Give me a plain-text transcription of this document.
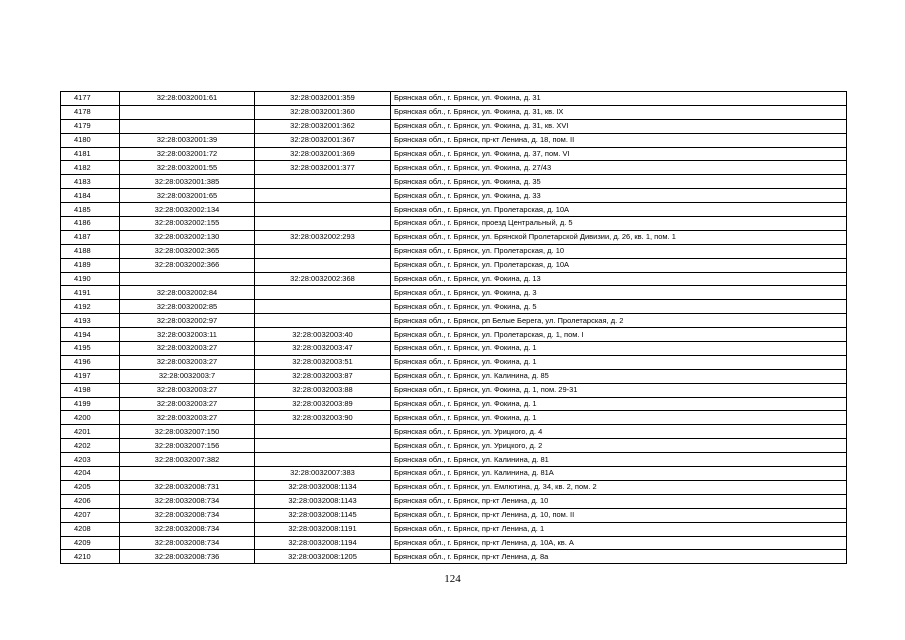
4177	32:28:0032001:61	32:28:0032001:359	Брянская обл., г. Брянск, ул. Фокина, д. 31
4178		32:28:0032001:360	Брянская обл., г. Брянск, ул. Фокина, д. 31, кв. IX
4179		32:28:0032001:362	Брянская обл., г. Брянск, ул. Фокина, д. 31, кв. XVI
4180	32:28:0032001:39	32:28:0032001:367	Брянская обл., г. Брянск, пр-кт Ленина, д. 18, пом. II
4181	32:28:0032001:72	32:28:0032001:369	Брянская обл., г. Брянск, ул. Фокина, д. 37, пом. VI
4182	32:28:0032001:55	32:28:0032001:377	Брянская обл., г. Брянск, ул. Фокина, д. 27/43
4183	32:28:0032001:385		Брянская обл., г. Брянск, ул. Фокина, д. 35
4184	32:28:0032001:65		Брянская обл., г. Брянск, ул. Фокина, д. 33
4185	32:28:0032002:134		Брянская обл., г. Брянск, ул. Пролетарская, д. 10А
4186	32:28:0032002:155		Брянская обл., г. Брянск, проезд Центральный, д. 5
4187	32:28:0032002:130	32:28:0032002:293	Брянская обл., г. Брянск, ул. Брянской Пролетарской Дивизии, д. 26, кв. 1, пом. 1
4188	32:28:0032002:365		Брянская обл., г. Брянск, ул. Пролетарская, д. 10
4189	32:28:0032002:366		Брянская обл., г. Брянск, ул. Пролетарская, д. 10А
4190		32:28:0032002:368	Брянская обл., г. Брянск, ул. Фокина, д. 13
4191	32:28:0032002:84		Брянская обл., г. Брянск, ул. Фокина, д. 3
4192	32:28:0032002:85		Брянская обл., г. Брянск, ул. Фокина, д. 5
4193	32:28:0032002:97		Брянская обл., г. Брянск, рп Белые Берега, ул. Пролетарская, д. 2
4194	32:28:0032003:11	32:28:0032003:40	Брянская обл., г. Брянск, ул. Пролетарская, д. 1, пом. I
4195	32:28:0032003:27	32:28:0032003:47	Брянская обл., г. Брянск, ул. Фокина, д. 1
4196	32:28:0032003:27	32:28:0032003:51	Брянская обл., г. Брянск, ул. Фокина, д. 1
4197	32:28:0032003:7	32:28:0032003:87	Брянская обл., г. Брянск, ул. Калинина, д. 85
4198	32:28:0032003:27	32:28:0032003:88	Брянская обл., г. Брянск, ул. Фокина, д. 1, пом. 29-31
4199	32:28:0032003:27	32:28:0032003:89	Брянская обл., г. Брянск, ул. Фокина, д. 1
4200	32:28:0032003:27	32:28:0032003:90	Брянская обл., г. Брянск, ул. Фокина, д. 1
4201	32:28:0032007:150		Брянская обл., г. Брянск, ул. Урицкого, д. 4
4202	32:28:0032007:156		Брянская обл., г. Брянск, ул. Урицкого, д. 2
4203	32:28:0032007:382		Брянская обл., г. Брянск, ул. Калинина, д. 81
4204		32:28:0032007:383	Брянская обл., г. Брянск, ул. Калинина, д. 81А
4205	32:28:0032008:731	32:28:0032008:1134	Брянская обл., г. Брянск, ул. Емлютина, д. 34, кв. 2, пом. 2
4206	32:28:0032008:734	32:28:0032008:1143	Брянская обл., г. Брянск, пр-кт Ленина, д. 10
4207	32:28:0032008:734	32:28:0032008:1145	Брянская обл., г. Брянск, пр-кт Ленина, д. 10, пом. II
4208	32:28:0032008:734	32:28:0032008:1191	Брянская обл., г. Брянск, пр-кт Ленина, д. 1
4209	32:28:0032008:734	32:28:0032008:1194	Брянская обл., г. Брянск, пр-кт Ленина, д. 10А, кв. А
4210	32:28:0032008:736	32:28:0032008:1205	Брянская обл., г. Брянск, пр-кт Ленина, д. 8а
124
